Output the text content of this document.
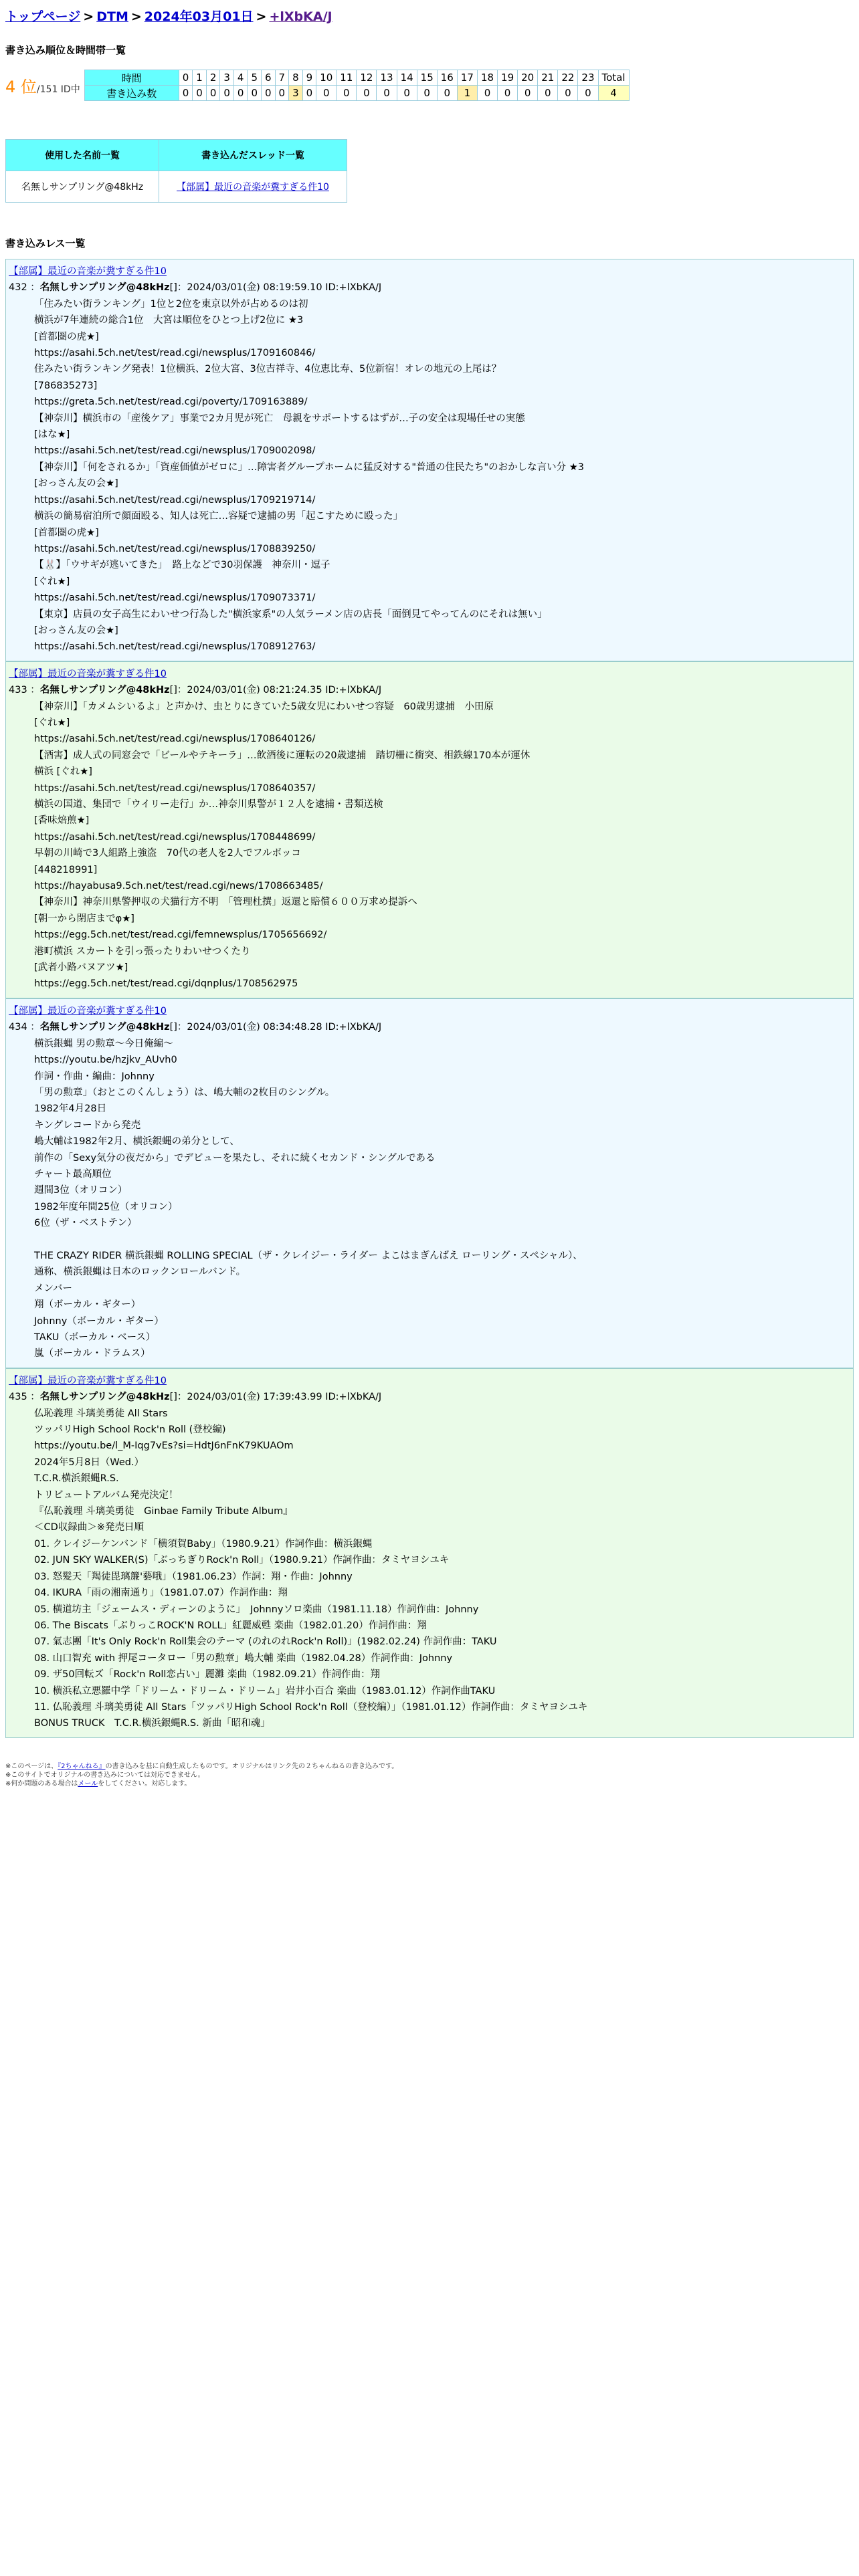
トップページ > DTM > 2024年03月01日 > +lXbKA/J
書き込み順位＆時間帯一覧
4 位/151 ID中	時間	0	1	2	3	4	5	6	7	8	9	10	11	12	13	14	15	16	17	18	19	20	21	22	23	Total
	書き込み数	0	0	0	0	0	0	0	0	3	0	0	0	0	0	0	0	0	1	0	0	0	0	0	0	4
使用した名前一覧	書き込んだスレッド一覧
名無しサンプリング@48kHz	【部属】最近の音楽が糞すぎる件10
書き込みレス一覧
【部属】最近の音楽が糞すぎる件10
432 ：名無しサンプリング@48kHz[]：2024/03/01(金) 08:19:59.10 ID:+lXbKA/J
「住みたい街ランキング」1位と2位を東京以外が占めるのは初
横浜が7年連続の総合1位　大宮は順位をひとつ上げ2位に ★3
[首都圏の虎★]
https://asahi.5ch.net/test/read.cgi/newsplus/1709160846/
住みたい街ランキング発表！1位横浜、2位大宮、3位吉祥寺、4位恵比寿、5位新宿！オレの地元の上尾は？
[786835273]
https://greta.5ch.net/test/read.cgi/poverty/1709163889/
【神奈川】横浜市の「産後ケア」事業で2カ月児が死亡　母親をサポートするはずが…子の安全は現場任せの実態
[はな★]
https://asahi.5ch.net/test/read.cgi/newsplus/1709002098/
【神奈川】「何をされるか」「資産価値がゼロに」…障害者グループホームに猛反対する"普通の住民たち"のおかしな言い分 ★3
[おっさん友の会★]
https://asahi.5ch.net/test/read.cgi/newsplus/1709219714/
横浜の簡易宿泊所で顔面殴る、知人は死亡…容疑で逮捕の男「起こすために殴った」
[首都圏の虎★]
https://asahi.5ch.net/test/read.cgi/newsplus/1708839250/
【🐰】「ウサギが逃いてきた」　路上などで30羽保護　神奈川・逗子
[ぐれ★]
https://asahi.5ch.net/test/read.cgi/newsplus/1709073371/
【東京】店員の女子高生にわいせつ行為した"横浜家系"の人気ラーメン店の店長「面倒見てやってんのにそれは無い」
[おっさん友の会★]
https://asahi.5ch.net/test/read.cgi/newsplus/1708912763/
【部属】最近の音楽が糞すぎる件10
433 ：名無しサンプリング@48kHz[]：2024/03/01(金) 08:21:24.35 ID:+lXbKA/J
【神奈川】「カメムシいるよ」と声かけ、虫とりにきていた5歳女児にわいせつ容疑　60歳男逮捕　小田原
[ぐれ★]
https://asahi.5ch.net/test/read.cgi/newsplus/1708640126/
【酒害】成人式の同窓会で「ビールやテキーラ」…飲酒後に運転の20歳逮捕　踏切柵に衝突、相鉄線170本が運休
横浜 [ぐれ★]
https://asahi.5ch.net/test/read.cgi/newsplus/1708640357/
横浜の国道、集団で「ウイリー走行」か…神奈川県警が１２人を逮捕・書類送検
[香味焙煎★]
https://asahi.5ch.net/test/read.cgi/newsplus/1708448699/
早朝の川崎で3人組路上強盗　70代の老人を2人でフルボッコ
[448218991]
https://hayabusa9.5ch.net/test/read.cgi/news/1708663485/
【神奈川】神奈川県警押収の犬猫行方不明　「管理杜撰」返還と賠償６００万求め提訴へ
[朝一から閉店までφ★]
https://egg.5ch.net/test/read.cgi/femnewsplus/1705656692/
港町横浜 スカートを引っ張ったりわいせつくたり
[武者小路バヌアツ★]
https://egg.5ch.net/test/read.cgi/dqnplus/1708562975
【部属】最近の音楽が糞すぎる件10
434 ：名無しサンプリング@48kHz[]：2024/03/01(金) 08:34:48.28 ID:+lXbKA/J
横浜銀蝿 男の勲章〜今日俺編〜
https://youtu.be/hzjkv_AUvh0
作詞・作曲・編曲：Johnny
「男の勲章」（おとこのくんしょう）は、嶋大輔の2枚目のシングル。
1982年4月28日
キングレコードから発売
嶋大輔は1982年2月、横浜銀蝿の弟分として、
前作の「Sexy気分の夜だから」でデビューを果たし、それに続くセカンド・シングルである
チャート最高順位
週間3位（オリコン）
1982年度年間25位（オリコン）
6位（ザ・ベストテン）

THE CRAZY RIDER 横浜銀蝿 ROLLING SPECIAL（ザ・クレイジー・ライダー よこはまぎんばえ ローリング・スペシャル）、
通称、横浜銀蝿は日本のロックンロールバンド。
メンバー
翔（ボーカル・ギター）
Johnny（ボーカル・ギター）
TAKU（ボーカル・ベース）
嵐（ボーカル・ドラムス）
【部属】最近の音楽が糞すぎる件10
435 ：名無しサンプリング@48kHz[]：2024/03/01(金) 17:39:43.99 ID:+lXbKA/J
仏恥義理 斗璃美勇徒 All Stars
ツッパリHigh School Rock'n Roll (登校編)
https://youtu.be/l_M-Iqg7vEs?si=HdtJ6nFnK79KUAOm
2024年5月8日（Wed.）
T.C.R.横浜銀蝿R.S.
トリビュートアルバム発売決定！
『仏恥義理 斗璃美勇徒　Ginbae Family Tribute Album』
＜CD収録曲＞※発売日順
01. クレイジーケンバンド「横須賀Baby」（1980.9.21）作詞作曲：横浜銀蝿
02. JUN SKY WALKER(S)「ぶっちぎりRock'n Roll」（1980.9.21）作詞作曲：タミヤヨシユキ
03. 怒髪天「羯徒毘璃簾'藝哦」（1981.06.23）作詞：翔・作曲：Johnny
04. IKURA「雨の湘南通り」（1981.07.07）作詞作曲：翔
05. 横道坊主「ジェームス・ディーンのように」　Johnnyソロ楽曲（1981.11.18）作詞作曲：Johnny
06. The Biscats「ぶりっこROCK'N ROLL」紅麗威甦 楽曲（1982.01.20）作詞作曲：翔
07. 氣志團「It's Only Rock'n Roll集会のテーマ (のれのれRock'n Roll)」(1982.02.24) 作詞作曲：TAKU
08. 山口智充 with 押尾コータロー「男の勲章」嶋大輔 楽曲（1982.04.28）作詞作曲：Johnny
09. ザ50回転ズ「Rock'n Roll恋占い」麗灘 楽曲（1982.09.21）作詞作曲：翔
10. 横浜私立悪羅中学「ドリーム・ドリーム・ドリーム」岩井小百合 楽曲（1983.01.12）作詞作曲TAKU
11. 仏恥義理 斗璃美勇徒 All Stars「ツッパリHigh School Rock'n Roll（登校編）」（1981.01.12）作詞作曲：タミヤヨシユキ
BONUS TRUCK　T.C.R.横浜銀蝿R.S. 新曲「昭和魂」
※このページは、『2ちゃんねる』の書き込みを基に自動生成したものです。オリジナルはリンク先の２ちゃんねるの書き込みです。
※このサイトでオリジナルの書き込みについては対応できません。
※何か問題のある場合はメールをしてください。対応します。
